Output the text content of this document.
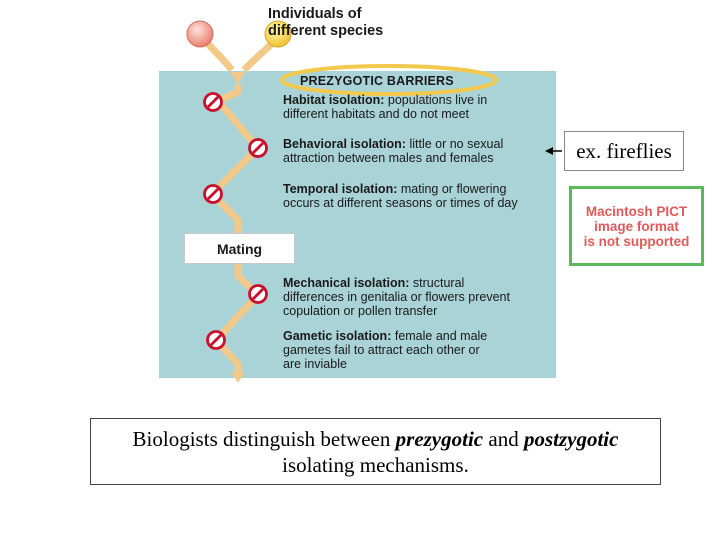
Individuals of
different species
PREZYGOTIC BARRIERS
Habitat isolation: populations live in
different habitats and do not meet
Behavioral isolation: little or no sexual
attraction between males and females
Temporal isolation: mating or flowering
occurs at different seasons or times of day
Mating
Mechanical isolation: structural
differences in genitalia or flowers prevent
copulation or pollen transfer
Gametic isolation: female and male
gametes fail to attract each other or
are inviable
ex. fireflies
Macintosh PICT
image format
is not supported
Biologists distinguish between prezygotic and postzygotic
isolating mechanisms.
